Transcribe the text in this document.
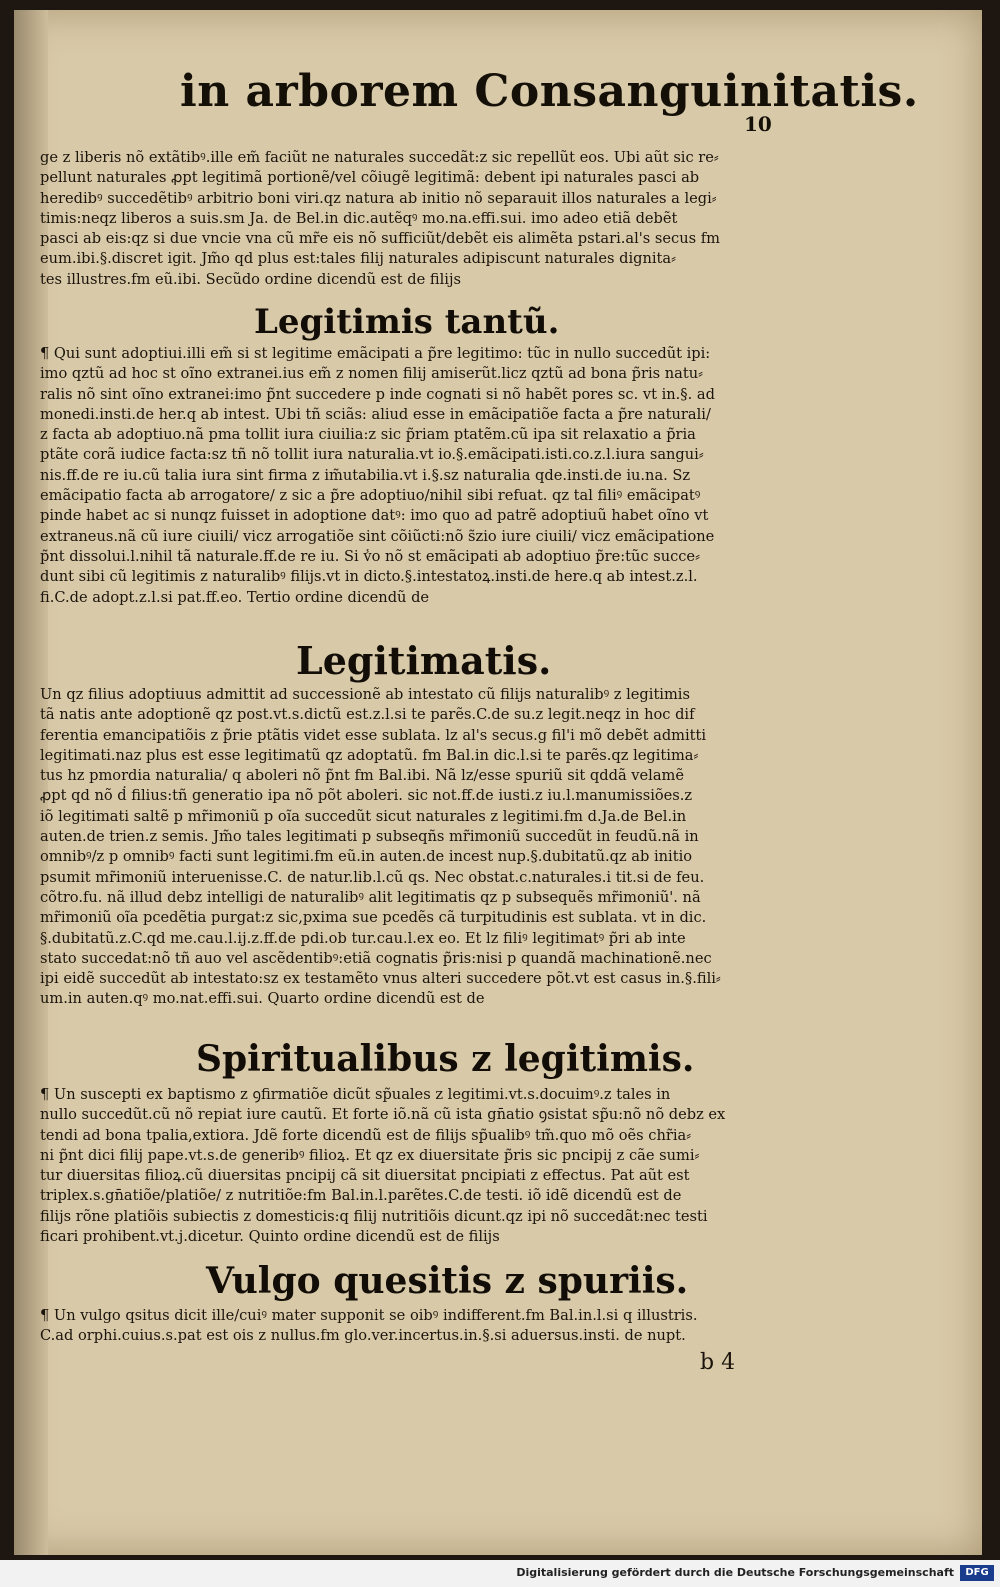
in arborem Consanguinitatis.
10

ge z liberis nõ extãtibꝰ.ille em̃ faciũt ne naturales succedãt:z sic repellũt eos. Ubi aũt sic re⸗

pellunt naturales ꝓpt legitimã portionẽ/vel cõiugẽ legitimã: debent ipi naturales pasci ab

heredibꝰ succedẽtibꝰ arbitrio boni viri.qz natura ab initio nõ separauit illos naturales a legi⸗

timis:neqz liberos a suis.sm Ja. de Bel.in dic.autẽqꝰ mo.na.effi.sui. imo adeo etiã debẽt

pasci ab eis:qz si due vncie vna cũ mr̃e eis nõ sufficiũt/debẽt eis alimẽta pstari.al's secus fm

eum.ibi.§.discret igit. Jm̃o qd plus est:tales filij naturales adipiscunt naturales dignita⸗

tes illustres.fm eũ.ibi. Secũdo ordine dicendũ est de filijs

Legitimis tantũ.

¶ Qui sunt adoptiui.illi em̃ si st legitime emãcipati a p̃re legitimo: tũc in nullo succedũt ipi:

imo qztũ ad hoc st oĩno extranei.ius em̃ z nomen filij amiserũt.licz qztũ ad bona p̃ris natu⸗

ralis nõ sint oĩno extranei:imo p̃nt succedere p inde cognati si nõ habẽt pores sc. vt in.§. ad

monedi.insti.de her.q ab intest. Ubi tñ sciãs: aliud esse in emãcipatiõe facta a p̃re naturali/

z facta ab adoptiuo.nã pma tollit iura ciuilia:z sic p̃riam ptatẽm.cũ ipa sit relaxatio a p̃ria

ptãte corã iudice facta:sz tñ nõ tollit iura naturalia.vt io.§.emãcipati.isti.co.z.l.iura sangui⸗

nis.ff.de re iu.cũ talia iura sint firma z im̃utabilia.vt i.§.sz naturalia qde.insti.de iu.na. Sz

emãcipatio facta ab arrogatore/ z sic a p̃re adoptiuo/nihil sibi refuat. qz tal filiꝰ emãcipatꝰ

pinde habet ac si nunqz fuisset in adoptione datꝰ: imo quo ad patrẽ adoptiuũ habet oĩno vt

extraneus.nã cũ iure ciuili/ vicz arrogatiõe sint cõiũcti:nõ s̃zio iure ciuili/ vicz emãcipatione

p̃nt dissolui.l.nihil tã naturale.ff.de re iu. Si v̾o nõ st emãcipati ab adoptiuo p̃re:tũc succe⸗

dunt sibi cũ legitimis z naturalibꝰ filijs.vt in dicto.§.intestatoꝝ.insti.de here.q ab intest.z.l.

fi.C.de adopt.z.l.si pat.ff.eo. Tertio ordine dicendũ de

Legitimatis.

Un qz filius adoptiuus admittit ad successionẽ ab intestato cũ filijs naturalibꝰ z legitimis

tã natis ante adoptionẽ qz post.vt.s.dictũ est.z.l.si te parẽs.C.de su.z legit.neqz in hoc dif

ferentia emancipatiõis z p̃rie ptãtis videt esse sublata. lz al's secus.g fil'i mõ debẽt admitti

legitimati.naz plus est esse legitimatũ qz adoptatũ. fm Bal.in dic.l.si te parẽs.qz legitima⸗

tus hz pmordia naturalia/ q aboleri nõ p̃nt fm Bal.ibi. Nã lz/esse spuriũ sit qddã velamẽ

ꝓpt qd nõ d̾ filius:tñ generatio ipa nõ põt aboleri. sic not.ff.de iusti.z iu.l.manumissiões.z

iõ legitimati saltẽ p mr̃imoniũ p oĩa succedũt sicut naturales z legitimi.fm d.Ja.de Bel.in

auten.de trien.z semis. Jm̃o tales legitimati p subseqñs mr̃imoniũ succedũt in feudũ.nã in

omnibꝰ/z p omnibꝰ facti sunt legitimi.fm eũ.in auten.de incest nup.§.dubitatũ.qz ab initio

psumit mr̃imoniũ interuenisse.C. de natur.lib.l.cũ qs. Nec obstat.c.naturales.i tit.si de feu.

cõtro.fu. nã illud debz intelligi de naturalibꝰ alit legitimatis qz p subsequẽs mr̃imoniũ'. nã

mr̃imoniũ oĩa pcedẽtia purgat:z sic,pxima sue pcedẽs cã turpitudinis est sublata. vt in dic.

§.dubitatũ.z.C.qd me.cau.l.ij.z.ff.de pdi.ob tur.cau.l.ex eo. Et lz filiꝰ legitimatꝰ p̃ri ab inte

stato succedat:nõ tñ auo vel ascẽdentibꝰ:etiã cognatis p̃ris:nisi p quandã machinationẽ.nec

ipi eidẽ succedũt ab intestato:sz ex testamẽto vnus alteri succedere põt.vt est casus in.§.fili⸗

um.in auten.qꝰ mo.nat.effi.sui. Quarto ordine dicendũ est de

Spiritualibus z legitimis.

¶ Un suscepti ex baptismo z ꝯfirmatiõe dicũt sp̃uales z legitimi.vt.s.docuimꝰ.z tales in

nullo succedũt.cũ nõ repiat iure cautũ. Et forte iõ.nã cũ ista gn̄atio ꝯsistat sp̃u:nõ nõ debz ex

tendi ad bona tpalia,extiora. Jdẽ forte dicendũ est de filijs sp̃ualibꝰ tm̃.quo mõ oẽs chr̃ia⸗

ni p̃nt dici filij pape.vt.s.de generibꝰ filioꝝ. Et qz ex diuersitate p̃ris sic pncipij z cãe sumi⸗

tur diuersitas filioꝝ.cũ diuersitas pncipij cã sit diuersitat pncipiati z effectus. Pat aũt est

triplex.s.gn̄atiõe/platiõe/ z nutritiõe:fm Bal.in.l.parẽtes.C.de testi. iõ idẽ dicendũ est de

filijs rõne platiõis subiectis z domesticis:q filij nutritiõis dicunt.qz ipi nõ succedãt:nec testi

ficari prohibent.vt.j.dicetur. Quinto ordine dicendũ est de filijs

Vulgo quesitis z spuriis.

¶ Un vulgo qsitus dicit ille/cuiꝰ mater supponit se oibꝰ indifferent.fm Bal.in.l.si q illustris.

C.ad orphi.cuius.s.pat est ois z nullus.fm glo.ver.incertus.in.§.si aduersus.insti. de nupt.

b 4
Digitalisierung gefördert durch die Deutsche Forschungsgemeinschaft	DFG
